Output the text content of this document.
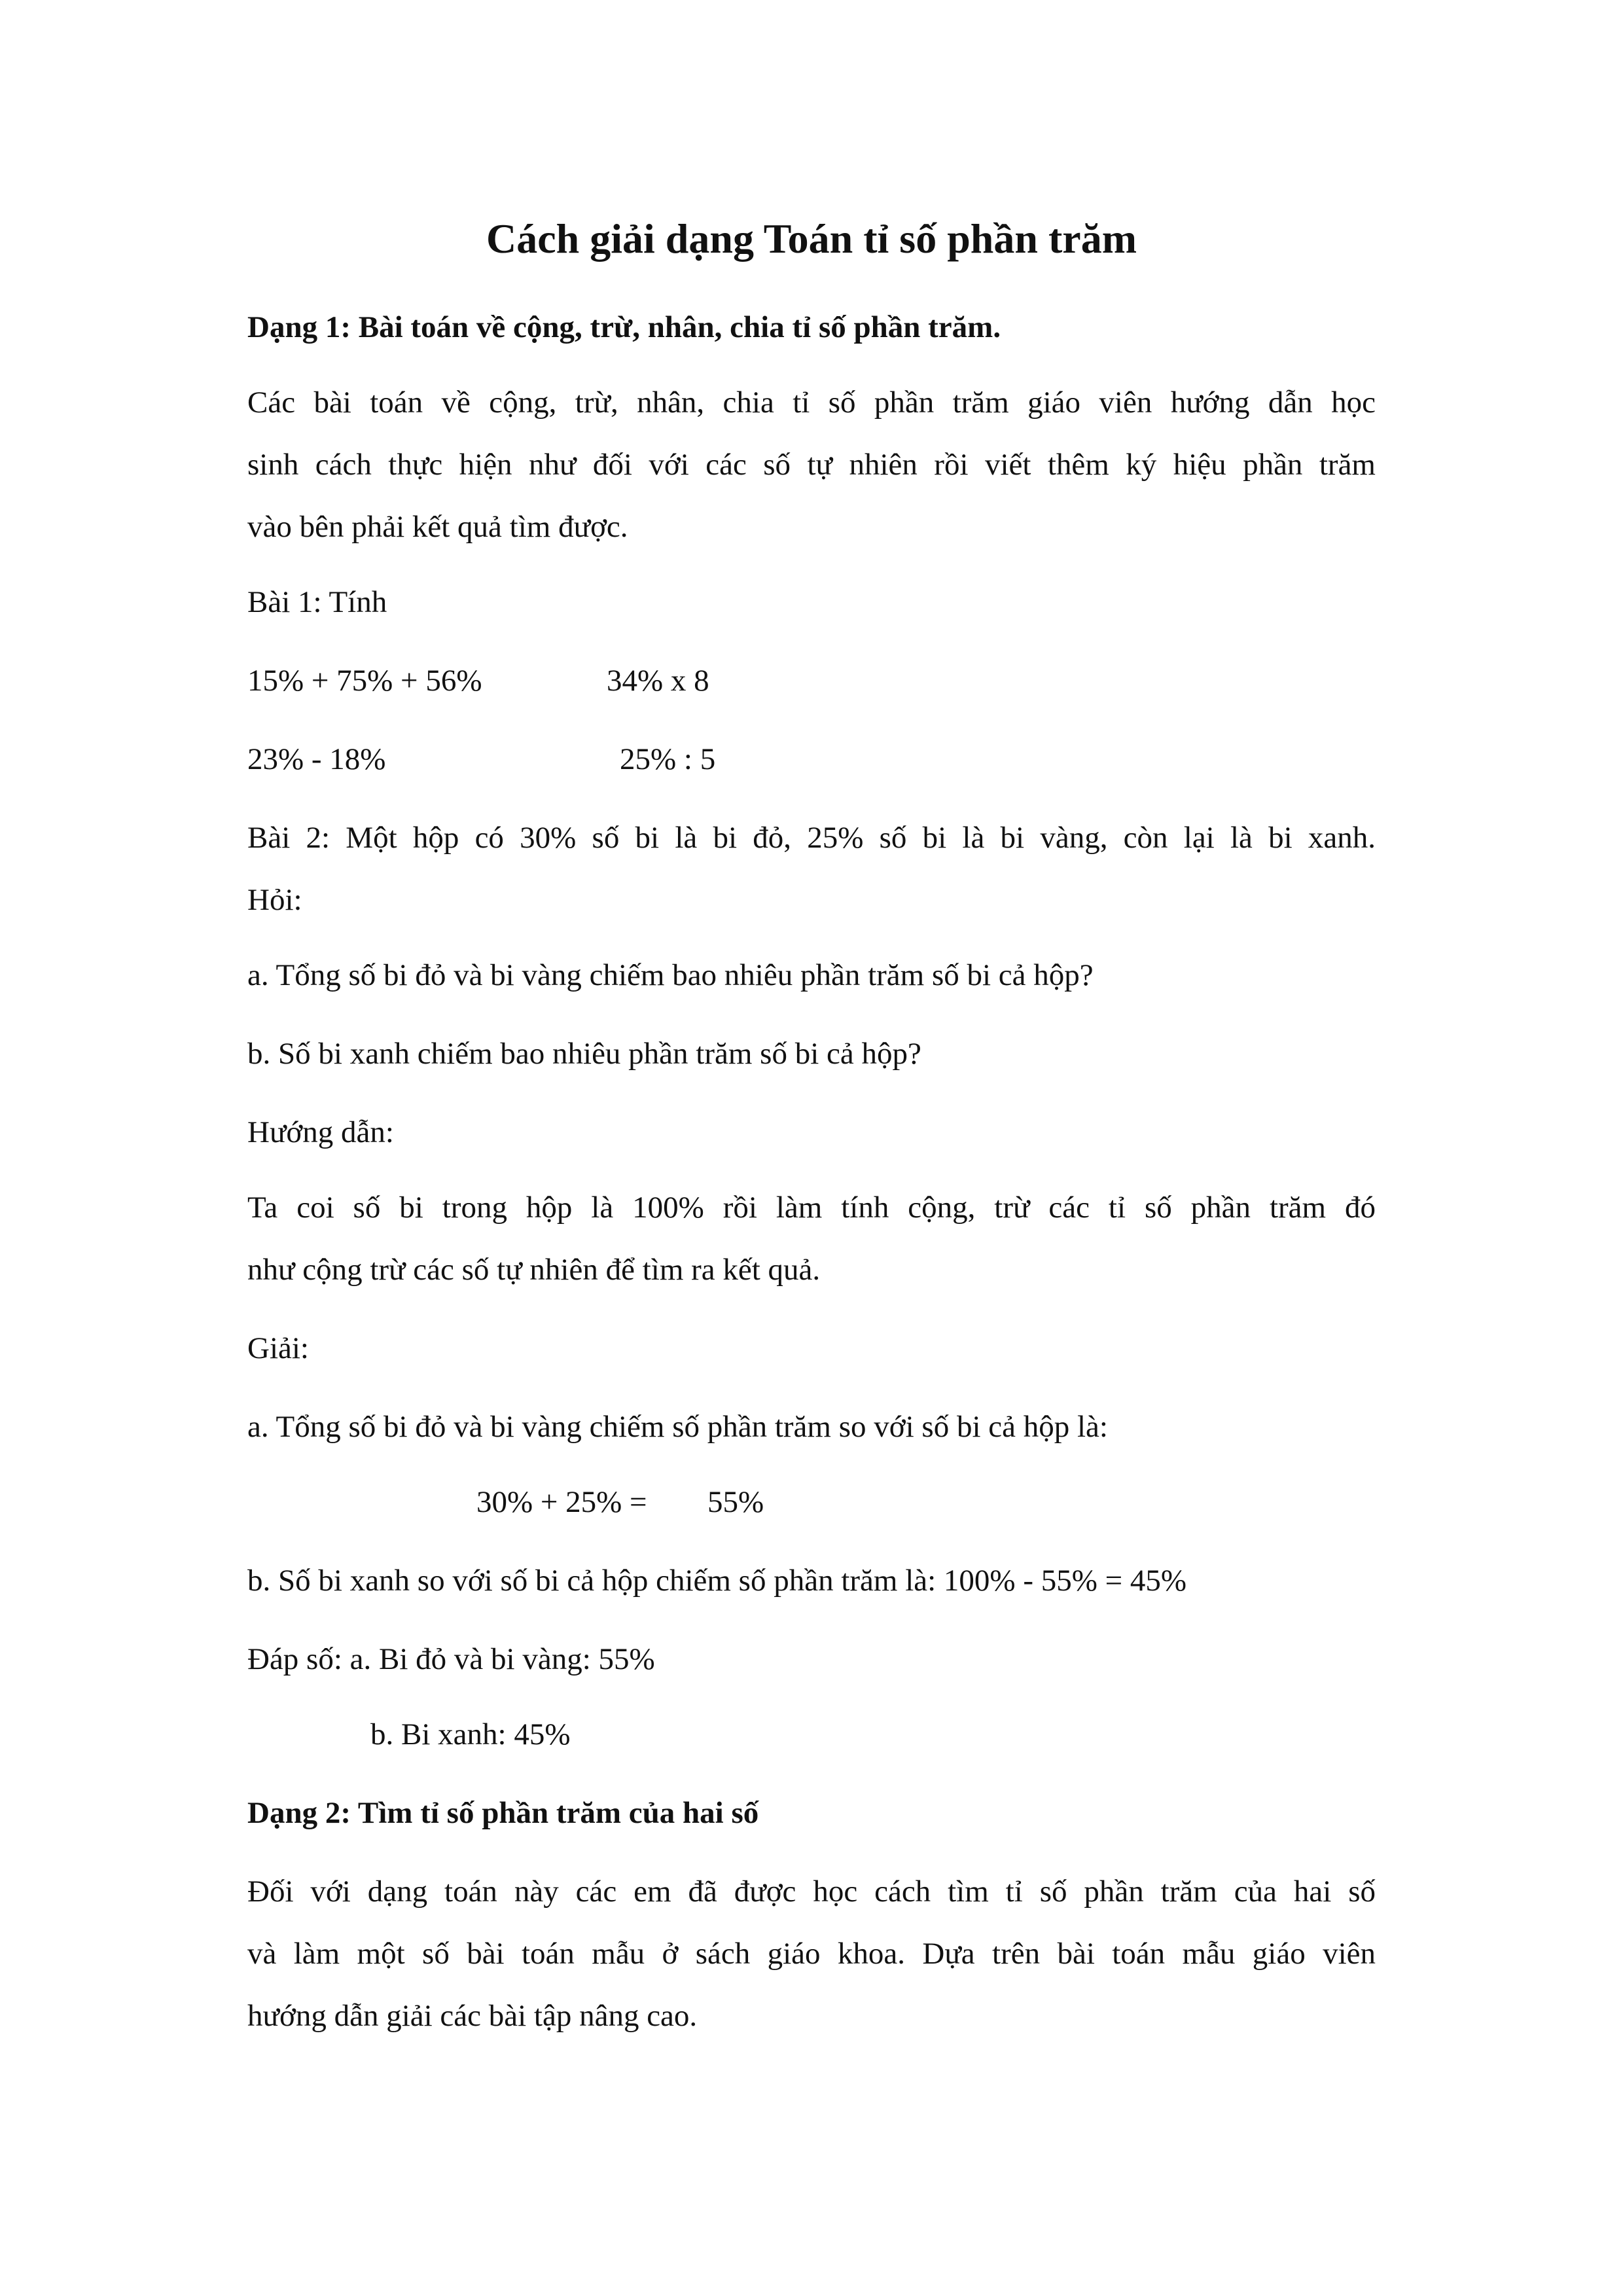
Cách giải dạng Toán tỉ số phần trăm
Dạng 1: Bài toán về cộng, trừ, nhân, chia tỉ số phần trăm.
Các bài toán về cộng, trừ, nhân, chia tỉ số phần trăm giáo viên hướng dẫn học
sinh cách thực hiện như đối với các số tự nhiên rồi viết thêm ký hiệu phần trăm
vào bên phải kết quả tìm được.
Bài 1: Tính
15% + 75% + 56%	34% x 8
23% - 18%	25% : 5
Bài 2: Một hộp có 30% số bi là bi đỏ, 25% số bi là bi vàng, còn lại là bi xanh.
Hỏi:
a. Tổng số bi đỏ và bi vàng chiếm bao nhiêu phần trăm số bi cả hộp?
b. Số bi xanh chiếm bao nhiêu phần trăm số bi cả hộp?
Hướng dẫn:
Ta coi số bi trong hộp là 100% rồi làm tính cộng, trừ các tỉ số phần trăm đó
như cộng trừ các số tự nhiên để tìm ra kết quả.
Giải:
a. Tổng số bi đỏ và bi vàng chiếm số phần trăm so với số bi cả hộp là:
30% + 25% = 55%
b. Số bi xanh so với số bi cả hộp chiếm số phần trăm là: 100% - 55% = 45%
Đáp số: a. Bi đỏ và bi vàng: 55%
b. Bi xanh: 45%
Dạng 2: Tìm tỉ số phần trăm của hai số
Đối với dạng toán này các em đã được học cách tìm tỉ số phần trăm của hai số
và làm một số bài toán mẫu ở sách giáo khoa. Dựa trên bài toán mẫu giáo viên
hướng dẫn giải các bài tập nâng cao.
